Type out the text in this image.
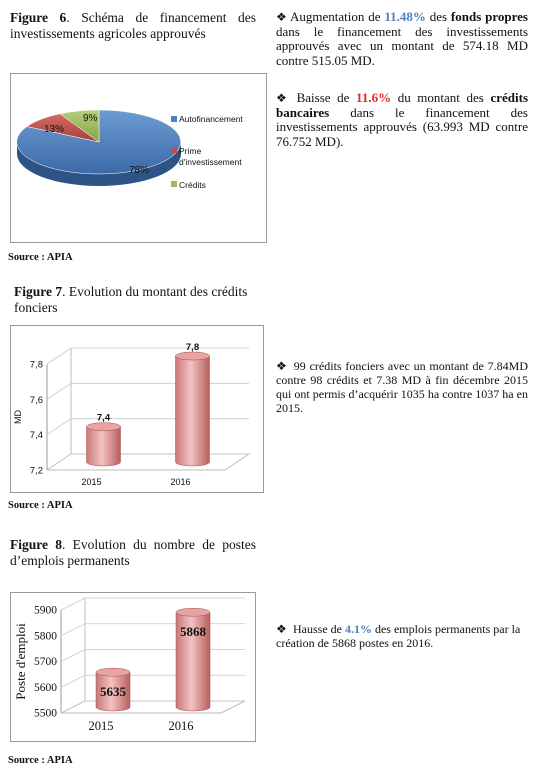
Figure 6. Schéma de financement des investissements agricoles approuvés
78%
13%
9%	Autofinancement
Prime
d'investissement
Crédits
Source : APIA
Figure 7. Evolution du montant des crédits fonciers
7,2
7,4
7,6
7,8
MD	7,4
2015
7,8
2016
Source : APIA
Figure 8. Evolution du nombre de postes d’emplois permanents
5500
5600
5700
5800
5900
Poste d'emploi	5635
2015
5868
2016
Source : APIA
❖ Augmentation de 11.48% des fonds propres dans le financement des investissements approuvés avec un montant de 574.18 MD contre 515.05 MD.
❖ Baisse de 11.6% du montant des crédits bancaires dans le financement des investissements approuvés (63.993 MD contre 76.752 MD).
❖ 99 crédits fonciers avec un montant de 7.84MD contre 98 crédits et 7.38 MD à fin décembre 2015 qui ont permis d’acquérir 1035 ha contre 1037 ha en 2015.
❖ Hausse de 4.1% des emplois permanents par la création de 5868 postes en 2016.
